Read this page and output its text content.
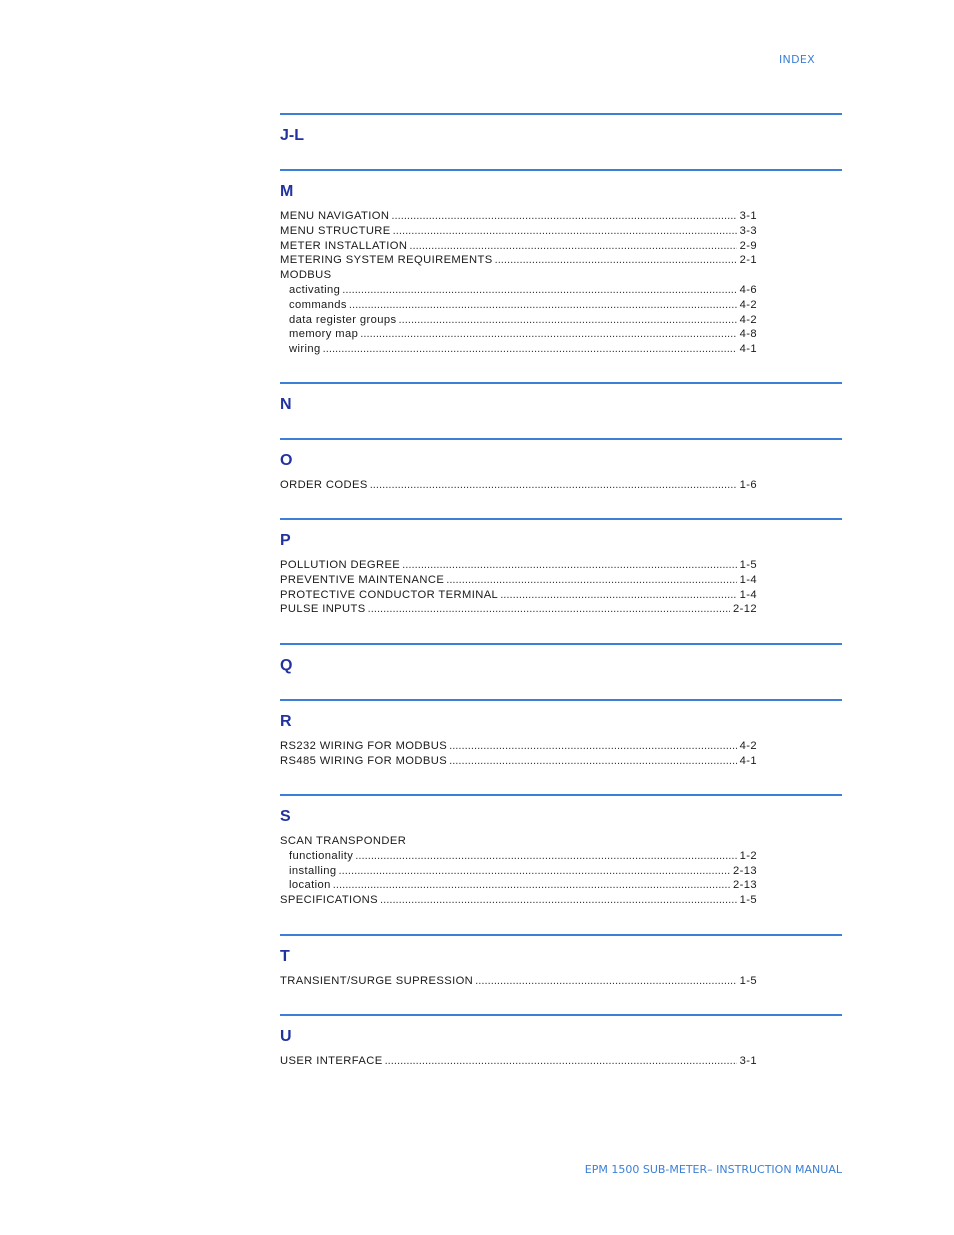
INDEX
J-L
M
MENU NAVIGATION .....	3-1
MENU STRUCTURE .....	3-3
METER INSTALLATION .....	2-9
METERING SYSTEM REQUIREMENTS .....	2-1
MODBUS
activating .....	4-6
commands .....	4-2
data register groups .....	4-2
memory map .....	4-8
wiring .....	4-1
N
O
ORDER CODES .....	1-6
P
POLLUTION DEGREE .....	1-5
PREVENTIVE MAINTENANCE .....	1-4
PROTECTIVE CONDUCTOR TERMINAL .....	1-4
PULSE INPUTS .....	2-12
Q
R
RS232 WIRING FOR MODBUS .....	4-2
RS485 WIRING FOR MODBUS .....	4-1
S
SCAN TRANSPONDER
functionality .....	1-2
installing .....	2-13
location .....	2-13
SPECIFICATIONS .....	1-5
T
TRANSIENT/SURGE SUPRESSION .....	1-5
U
USER INTERFACE .....	3-1
EPM 1500 SUB-METER– INSTRUCTION MANUAL
